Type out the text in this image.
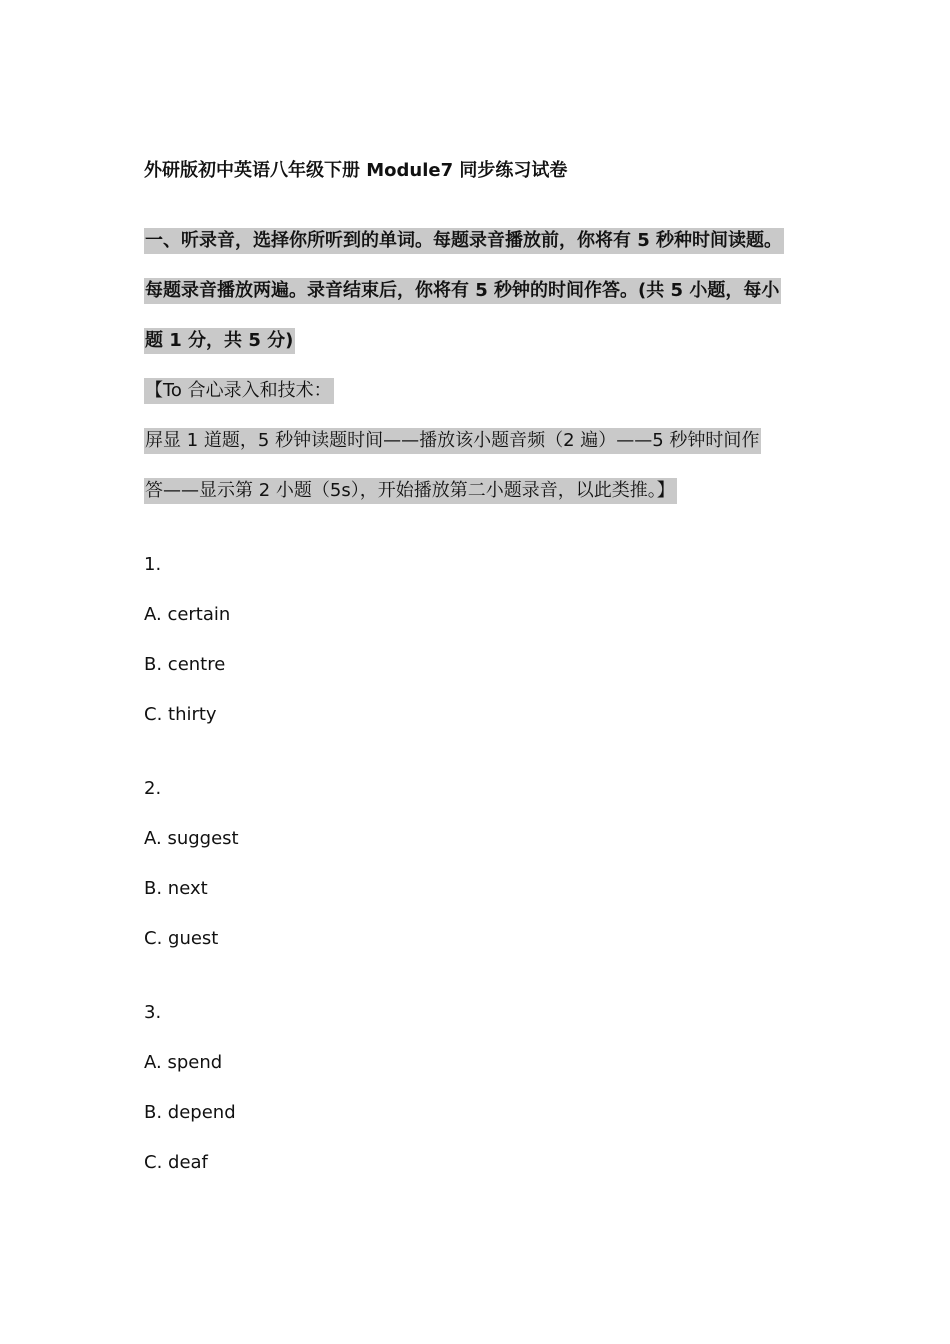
外研版初中英语八年级下册 Module7 同步练习试卷
一、听录音，选择你所听到的单词。每题录音播放前，你将有 5 秒种时间读题。
每题录音播放两遍。录音结束后，你将有 5 秒钟的时间作答。(共 5 小题，每小
题 1 分，共 5 分)
【To 合心录入和技术：
屏显 1 道题，5 秒钟读题时间——播放该小题音频（2 遍）——5 秒钟时间作
答——显示第 2 小题（5s），开始播放第二小题录音，以此类推。】
1.
A. certain
B. centre
C. thirty
2.
A. suggest
B. next
C. guest
3.
A. spend
B. depend
C. deaf
